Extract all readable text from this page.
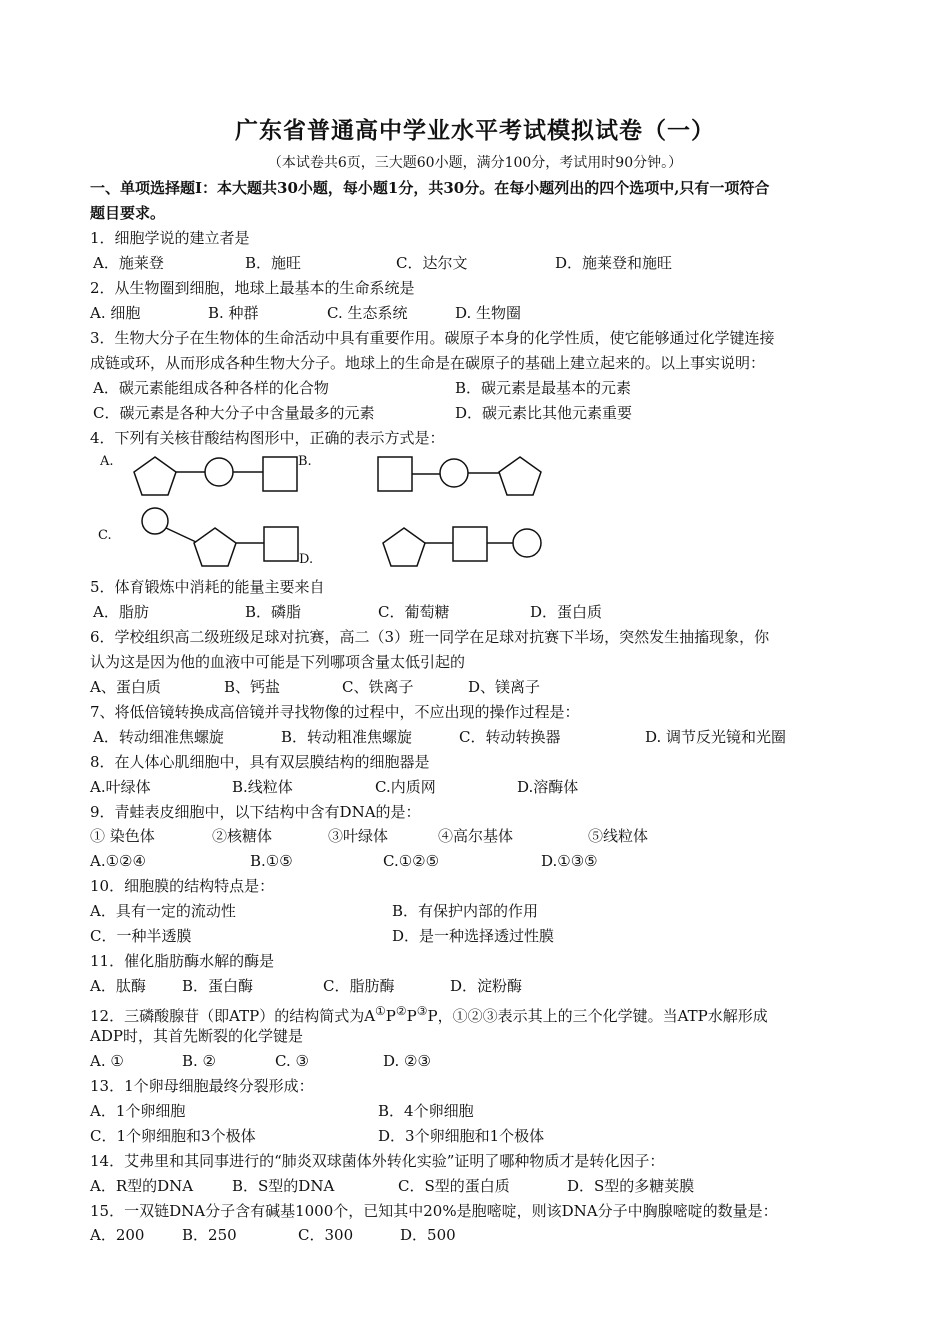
广东省普通高中学业水平考试模拟试卷（一）
（本试卷共6页，三大题60小题，满分100分，考试用时90分钟。）
一、单项选择题I：本大题共30小题，每小题1分，共30分。在每小题列出的四个选项中,只有一项符合
题目要求。
1．细胞学说的建立者是
A．施莱登	B．施旺	C．达尔文	D．施莱登和施旺
2．从生物圈到细胞，地球上最基本的生命系统是
A. 细胞	B. 种群	C. 生态系统	D. 生物圈
3．生物大分子在生物体的生命活动中具有重要作用。碳原子本身的化学性质，使它能够通过化学键连接
成链或环，从而形成各种生物大分子。地球上的生命是在碳原子的基础上建立起来的。以上事实说明：
A．碳元素能组成各种各样的化合物	B．碳元素是最基本的元素
C．碳元素是各种大分子中含量最多的元素	D．碳元素比其他元素重要
4．下列有关核苷酸结构图形中，正确的表示方式是：
A.	B.
C.
D.
5．体育锻炼中消耗的能量主要来自
A．脂肪	B．磷脂	C．葡萄糖	D．蛋白质
6．学校组织高二级班级足球对抗赛，高二（3）班一同学在足球对抗赛下半场，突然发生抽搐现象，你
认为这是因为他的血液中可能是下列哪项含量太低引起的
A、蛋白质	B、钙盐	C、铁离子	D、镁离子
7、将低倍镜转换成高倍镜并寻找物像的过程中，不应出现的操作过程是：
A．转动细准焦螺旋	B．转动粗准焦螺旋	C．转动转换器	D. 调节反光镜和光圈
8．在人体心肌细胞中，具有双层膜结构的细胞器是
A.叶绿体	B.线粒体	C.内质网	D.溶酶体
9．青蛙表皮细胞中，以下结构中含有DNA的是：
① 染色体	②核糖体	③叶绿体	④高尔基体	⑤线粒体
A.①②④	B.①⑤	C.①②⑤	D.①③⑤
10．细胞膜的结构特点是：
A．具有一定的流动性	B．有保护内部的作用
C．一种半透膜	D．是一种选择透过性膜
11．催化脂肪酶水解的酶是
A．肽酶 B．蛋白酶	C．脂肪酶	D．淀粉酶
12．三磷酸腺苷（即ATP）的结构简式为A①P②P③P，①②③表示其上的三个化学键。当ATP水解形成
ADP时，其首先断裂的化学键是
A. ①	B. ②	C. ③	D. ②③
13．1个卵母细胞最终分裂形成：
A．1个卵细胞	B．4个卵细胞
C．1个卵细胞和3个极体	D．3个卵细胞和1个极体
14．艾弗里和其同事进行的“肺炎双球菌体外转化实验”证明了哪种物质才是转化因子：
A．R型的DNA	B．S型的DNA	C．S型的蛋白质	D．S型的多糖荚膜
15．一双链DNA分子含有碱基1000个，已知其中20%是胞嘧啶，则该DNA分子中胸腺嘧啶的数量是：
A．200	B．250	C．300	D．500
